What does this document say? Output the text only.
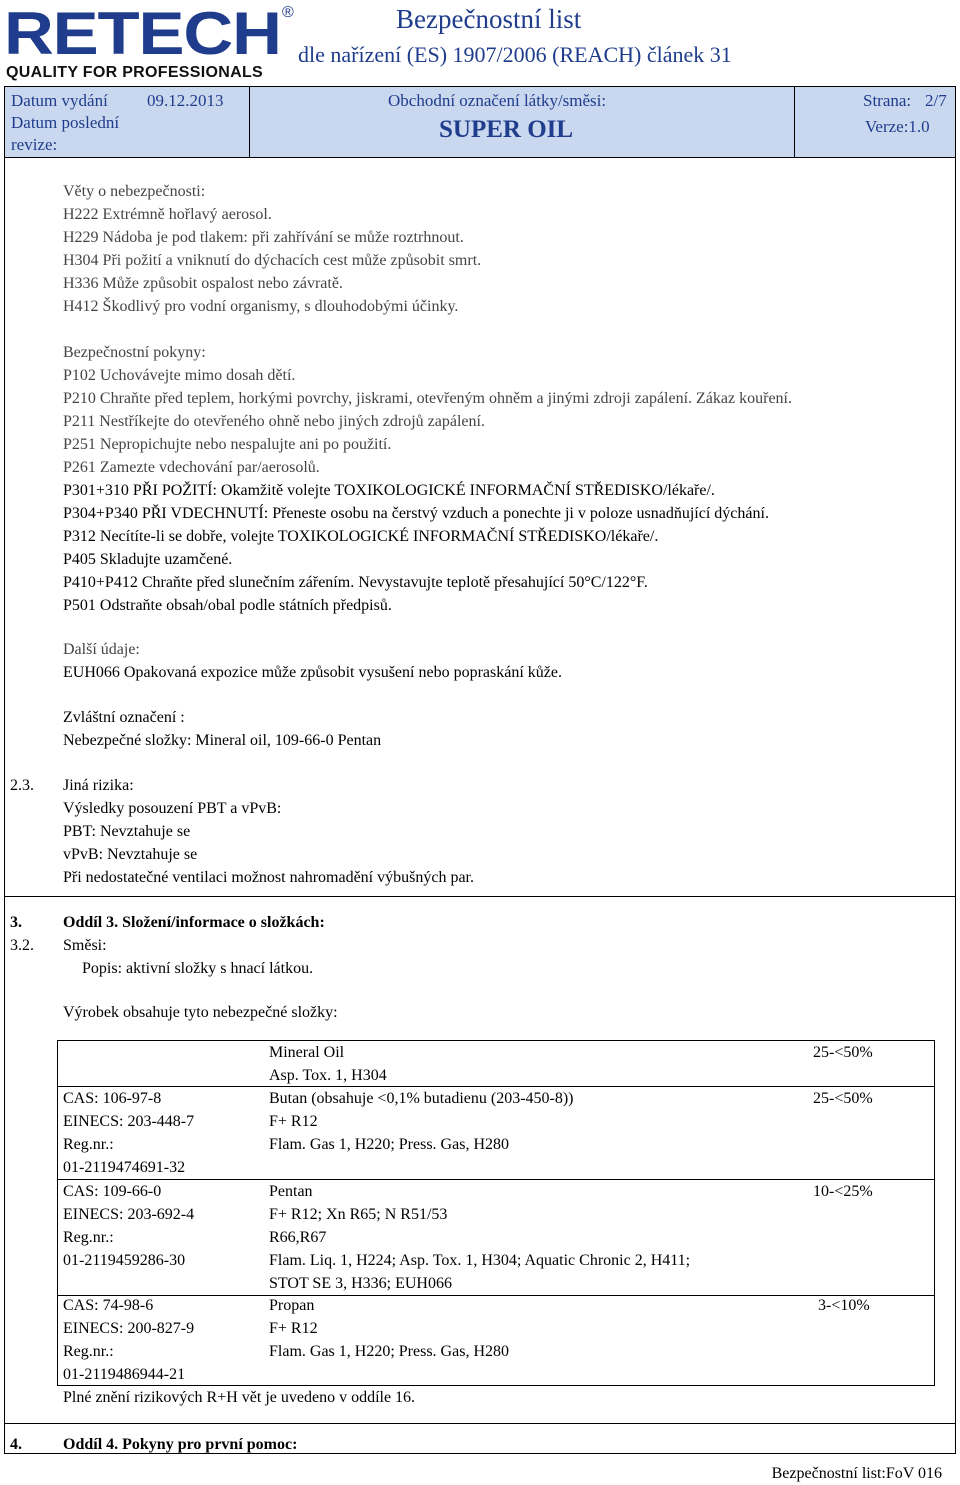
RETECH ®
QUALITY FOR PROFESSIONALS
Bezpečnostní list
dle nařízení (ES) 1907/2006 (REACH) článek 31
Datum vydání 09.12.2013
Datum poslední
revize:
Obchodní označení látky/směsi:
SUPER OIL
Strana: 2/7
Verze:1.0
Věty o nebezpečnosti:
H222 Extrémně hořlavý aerosol.
H229 Nádoba je pod tlakem: při zahřívání se může roztrhnout.
H304 Při požití a vniknutí do dýchacích cest může způsobit smrt.
H336 Může způsobit ospalost nebo závratě.
H412 Škodlivý pro vodní organismy, s dlouhodobými účinky.
Bezpečnostní pokyny:
P102 Uchovávejte mimo dosah dětí.
P210 Chraňte před teplem, horkými povrchy, jiskrami, otevřeným ohněm a jinými zdroji zapálení. Zákaz kouření.
P211 Nestříkejte do otevřeného ohně nebo jiných zdrojů zapálení.
P251 Nepropichujte nebo nespalujte ani po použití.
P261 Zamezte vdechování par/aerosolů.
P301+310 PŘI POŽITÍ: Okamžitě volejte TOXIKOLOGICKÉ INFORMAČNÍ STŘEDISKO/lékaře/.
P304+P340 PŘI VDECHNUTÍ: Přeneste osobu na čerstvý vzduch a ponechte ji v poloze usnadňující dýchání.
P312 Necítíte-li se dobře, volejte TOXIKOLOGICKÉ INFORMAČNÍ STŘEDISKO/lékaře/.
P405 Skladujte uzamčené.
P410+P412 Chraňte před slunečním zářením. Nevystavujte teplotě přesahující 50°C/122°F.
P501 Odstraňte obsah/obal podle státních předpisů.
Další údaje:
EUH066 Opakovaná expozice může způsobit vysušení nebo popraskání kůže.
Zvláštní označení :
Nebezpečné složky: Mineral oil, 109-66-0 Pentan
2.3. Jiná rizika:
Výsledky posouzení PBT a vPvB:
PBT: Nevztahuje se
vPvB: Nevztahuje se
Při nedostatečné ventilaci možnost nahromadění výbušných par.
3.	Oddíl 3. Složení/informace o složkách:
3.2. Směsi:
Popis: aktivní složky s hnací látkou.
Výrobek obsahuje tyto nebezpečné složky:
Mineral Oil
Asp. Tox. 1, H304
25-<50%
CAS: 106-97-8
EINECS: 203-448-7
Reg.nr.:
01-2119474691-32
Butan (obsahuje <0,1% butadienu (203-450-8))
F+ R12
Flam. Gas 1, H220; Press. Gas, H280
25-<50%
CAS: 109-66-0
EINECS: 203-692-4
Reg.nr.:
01-2119459286-30
Pentan
F+ R12; Xn R65; N R51/53
R66,R67
Flam. Liq. 1, H224; Asp. Tox. 1, H304; Aquatic Chronic 2, H411;
STOT SE 3, H336; EUH066
10-<25%
CAS: 74-98-6
EINECS: 200-827-9
Reg.nr.:
01-2119486944-21
Propan
F+ R12
Flam. Gas 1, H220; Press. Gas, H280
3-<10%
Plné znění rizikových R+H vět je uvedeno v oddíle 16.
4.	Oddíl 4. Pokyny pro první pomoc:
Bezpečnostní list:FoV 016
